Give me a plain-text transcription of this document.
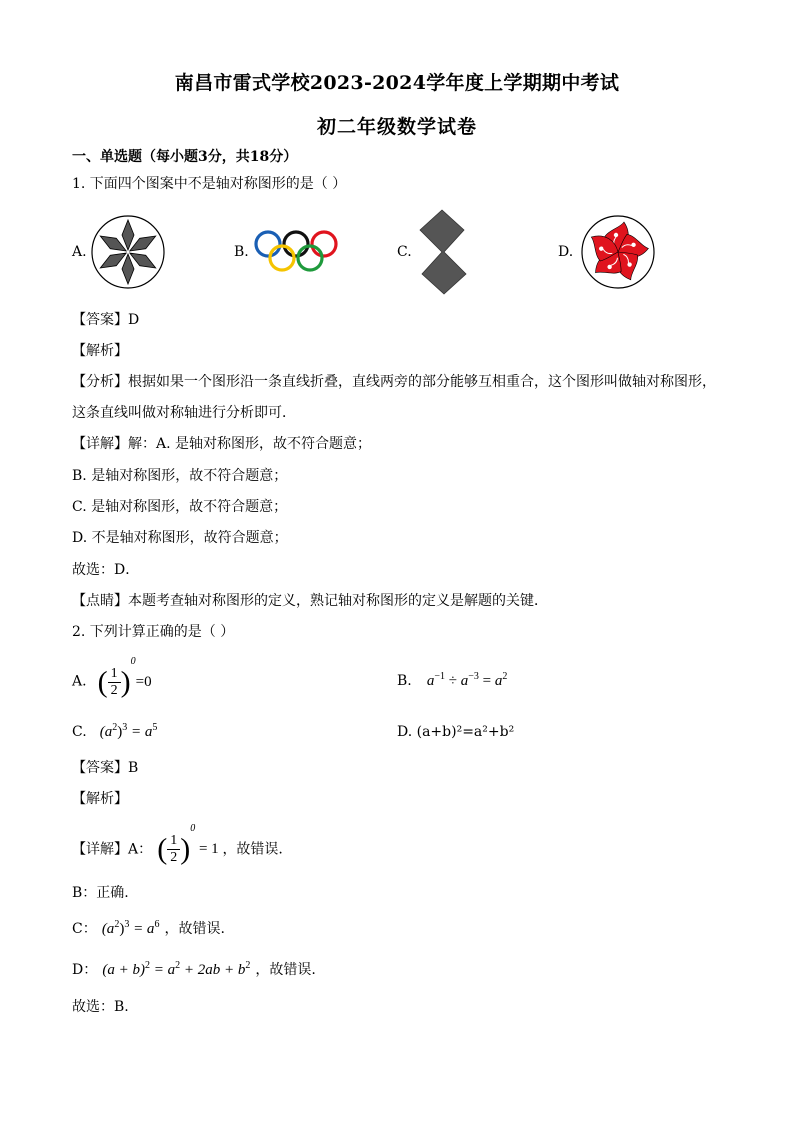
南昌市雷式学校2023-2024学年度上学期期中考试
初二年级数学试卷
一、单选题（每小题3分，共18分）
1. 下面四个图案中不是轴对称图形的是（ ）
A.	B.	C.	D.
【答案】D
【解析】
【分析】根据如果一个图形沿一条直线折叠，直线两旁的部分能够互相重合，这个图形叫做轴对称图形，
这条直线叫做对称轴进行分析即可．
【详解】解：A. 是轴对称图形，故不符合题意；
B. 是轴对称图形，故不符合题意；
C. 是轴对称图形，故不符合题意；
D. 不是轴对称图形，故符合题意；
故选：D．
【点睛】本题考查轴对称图形的定义，熟记轴对称图形的定义是解题的关键．
2. 下列计算正确的是（ ）
A. ( $\frac{1}{2} )^0=0$	B. $a^{-1} \div a^{-3} = a^2$
C. $(a^2)^3 = a^5$	D. (a+b)²=a²+b²
【答案】B
【解析】
【详解】A： ( $\frac{1}{2} )^0 = 1$ ，故错误.
B：正确.
C： $(a^2)^3 = a^6$ ，故错误.
D： $(a + b)^2 = a^2 + 2ab + b^2$ ，故错误.
故选：B.
